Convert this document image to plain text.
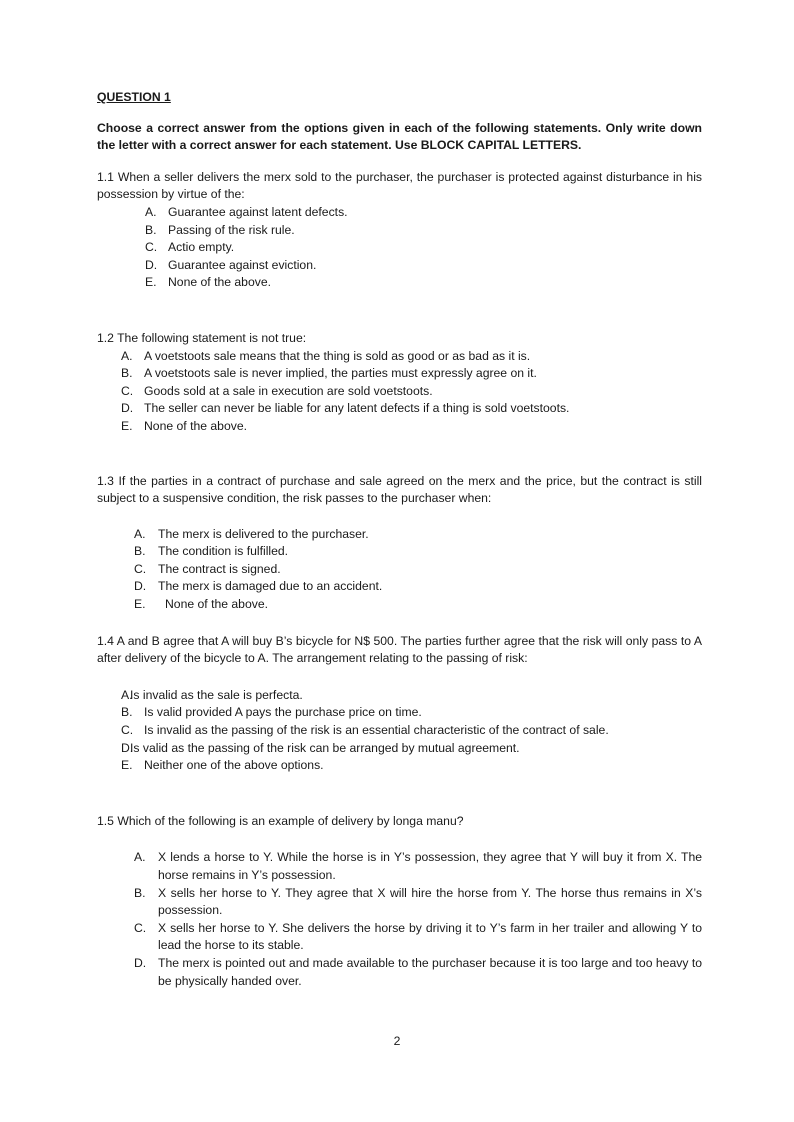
QUESTION 1

Choose a correct answer from the options given in each of the following statements. Only write down the letter with a correct answer for each statement. Use BLOCK CAPITAL LETTERS.

1.1 When a seller delivers the merx sold to the purchaser, the purchaser is protected against disturbance in his possession by virtue of the:

A. Guarantee against latent defects.
B. Passing of the risk rule.
C. Actio empty.
D. Guarantee against eviction.
E. None of the above.

1.2 The following statement is not true:

A. A voetstoots sale means that the thing is sold as good or as bad as it is.
B. A voetstoots sale is never implied, the parties must expressly agree on it.
C. Goods sold at a sale in execution are sold voetstoots.
D. The seller can never be liable for any latent defects if a thing is sold voetstoots.
E. None of the above.

1.3 If the parties in a contract of purchase and sale agreed on the merx and the price, but the contract is still subject to a suspensive condition, the risk passes to the purchaser when:

A. The merx is delivered to the purchaser.
B. The condition is fulfilled.
C. The contract is signed.
D. The merx is damaged due to an accident.
E. None of the above.

1.4 A and B agree that A will buy B’s bicycle for N$ 500. The parties further agree that the risk will only pass to A after delivery of the bicycle to A. The arrangement relating to the passing of risk:

A.
Is invalid as the sale is perfecta.
B. Is valid provided A pays the purchase price on time.
C. Is invalid as the passing of the risk is an essential characteristic of the contract of sale.
D.
Is valid as the passing of the risk can be arranged by mutual agreement.
E. Neither one of the above options.

1.5 Which of the following is an example of delivery by longa manu?

A. X lends a horse to Y. While the horse is in Y’s possession, they agree that Y will buy it from X. The horse remains in Y’s possession.
B. X sells her horse to Y. They agree that X will hire the horse from Y. The horse thus remains in X’s possession.
C. X sells her horse to Y. She delivers the horse by driving it to Y’s farm in her trailer and allowing Y to lead the horse to its stable.
D. The merx is pointed out and made available to the purchaser because it is too large and too heavy to be physically handed over.
2
